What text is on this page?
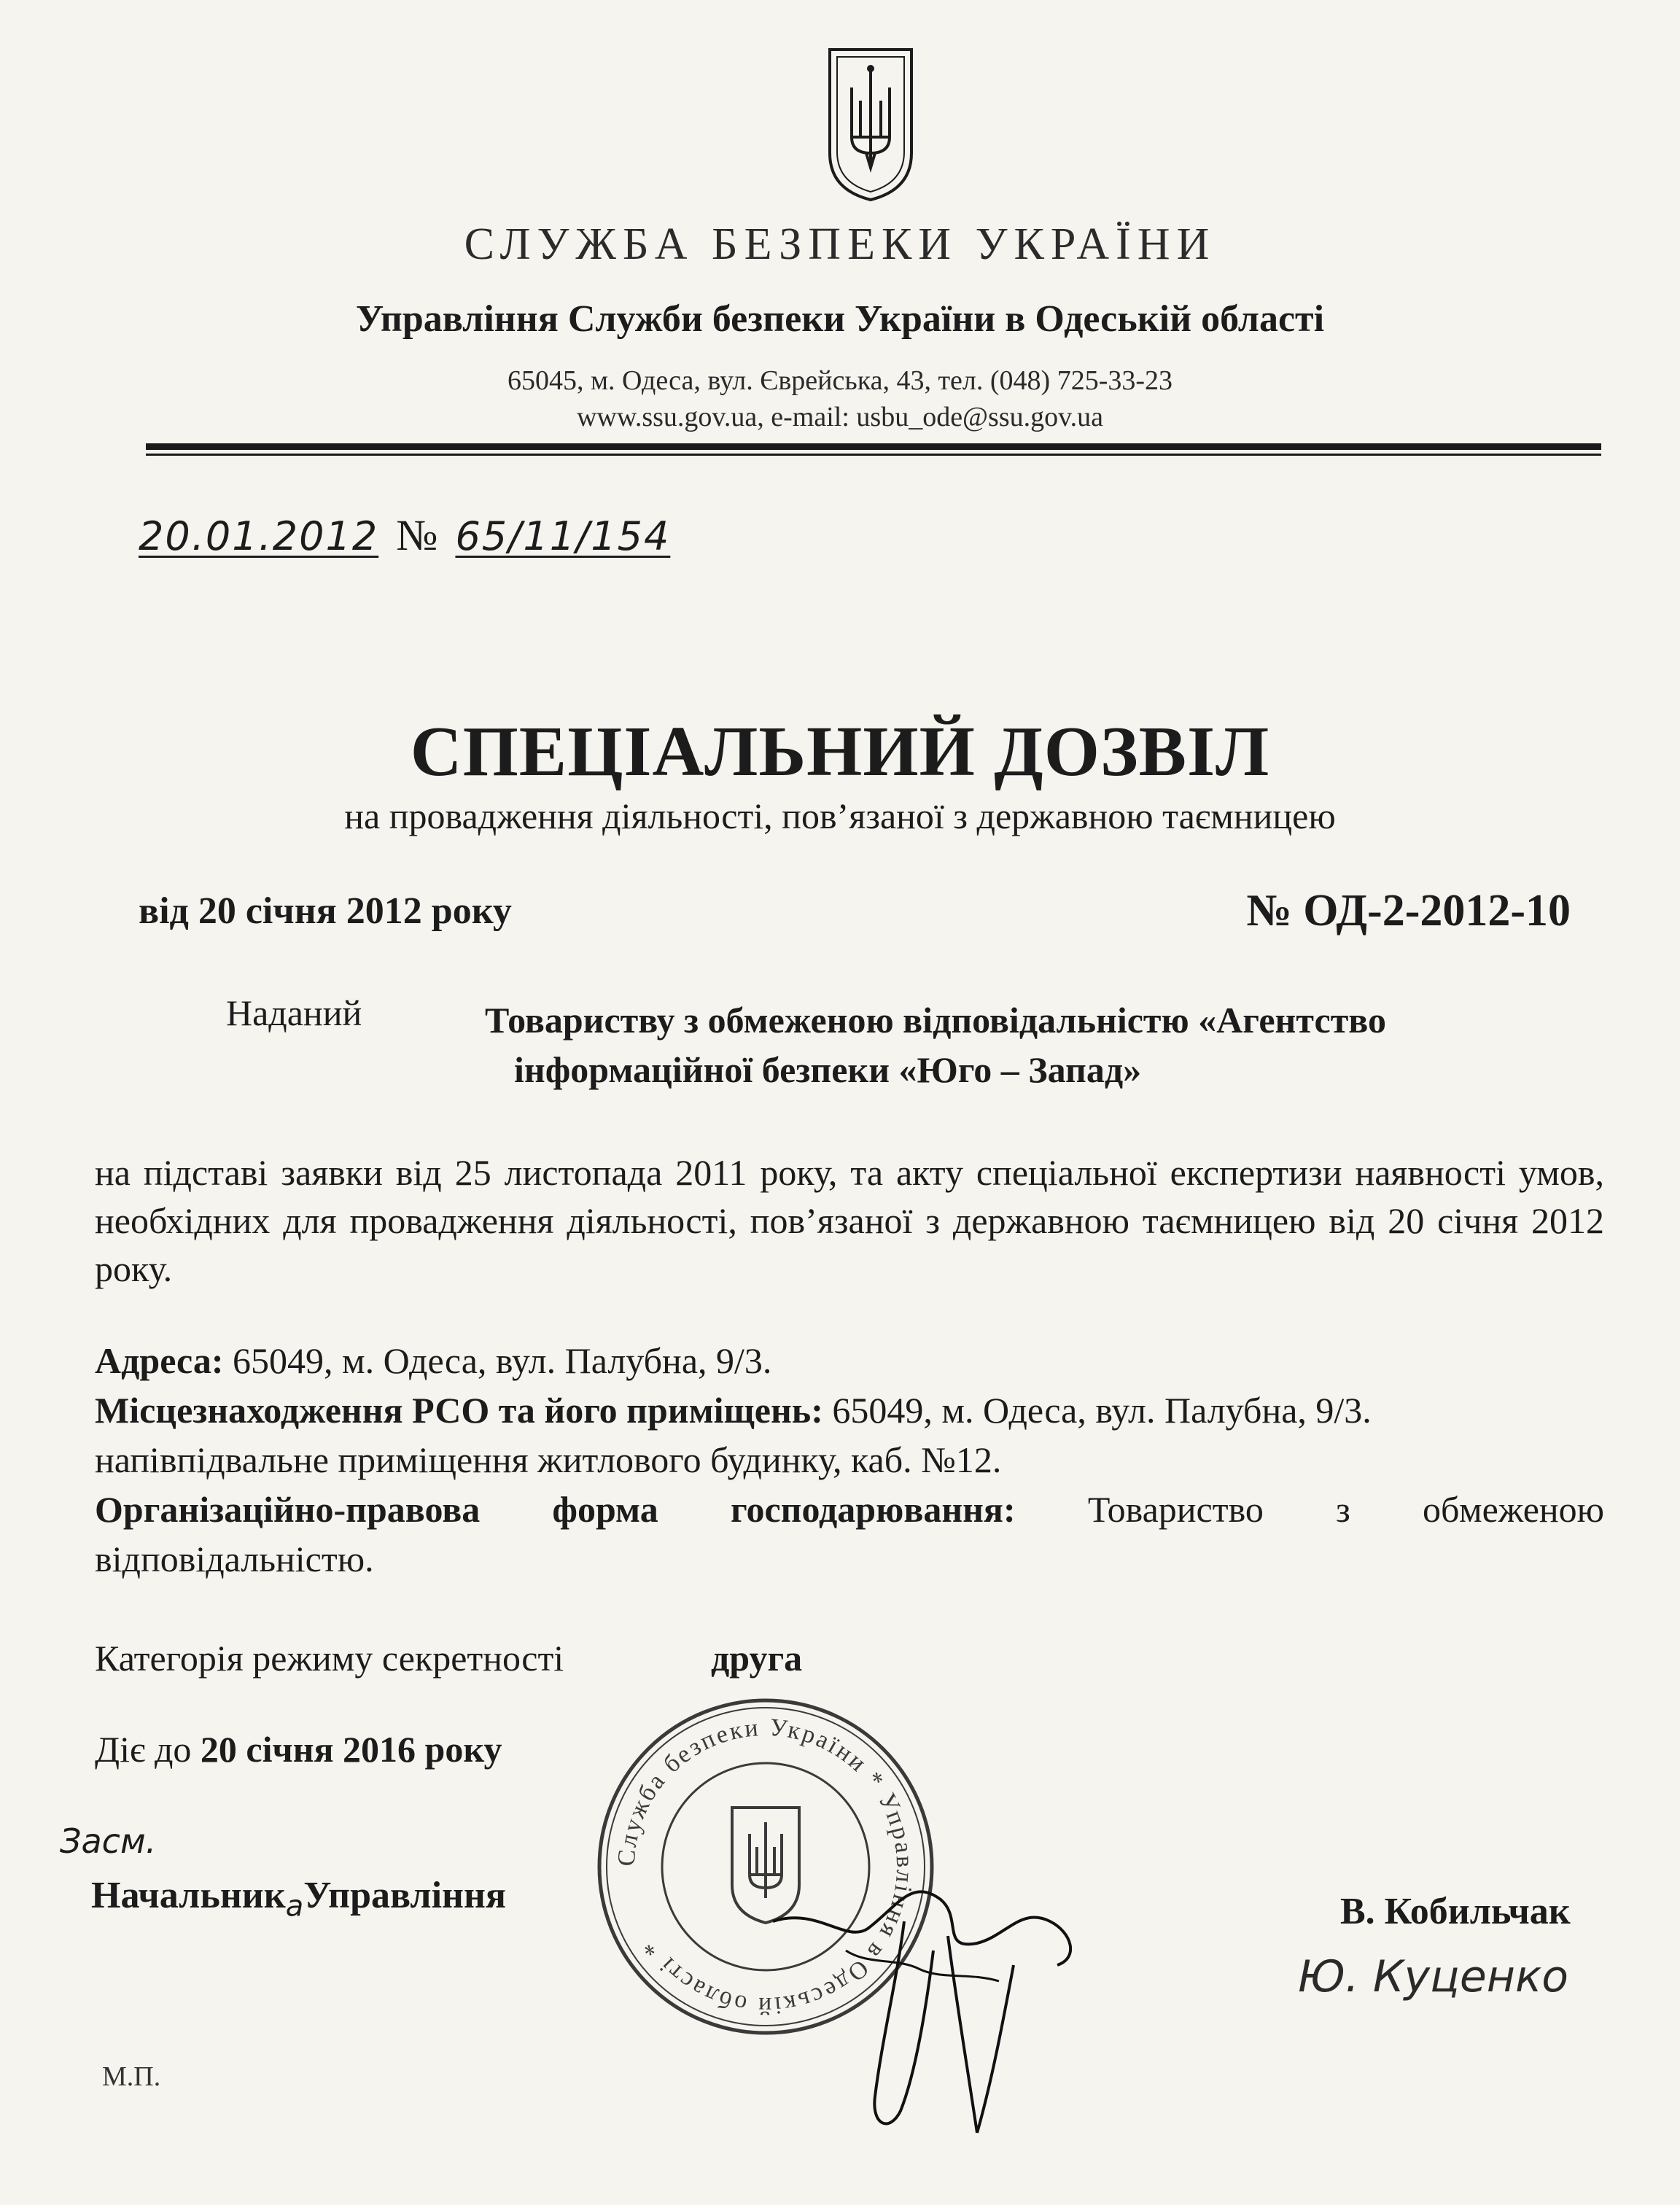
СЛУЖБА БЕЗПЕКИ УКРАЇНИ
Управління Служби безпеки України в Одеській області
65045, м. Одеса, вул. Єврейська, 43, тел. (048) 725-33-23
www.ssu.gov.ua, e-mail: usbu_ode@ssu.gov.ua
20.01.2012 № 65/11/154
СПЕЦІАЛЬНИЙ ДОЗВІЛ
на провадження діяльності, пов’язаної з державною таємницею
від 20 січня 2012 року	№ ОД-2-2012-10
Наданий	Товариству з обмеженою відповідальністю «Агентство
інформаційної безпеки «Юго – Запад»
на підставі заявки від 25 листопада 2011 року, та акту спеціальної експертизи наявності умов, необхідних для провадження діяльності, пов’язаної з державною таємницею від 20 січня 2012 року.
Адреса: 65049, м. Одеса, вул. Палубна, 9/3.
Місцезнаходження РСО та його приміщень: 65049, м. Одеса, вул. Палубна, 9/3.
напівпідвальне приміщення житлового будинку, каб. №12.
Організаційно-правова форма господарювання: Товариство з обмеженою
відповідальністю.
Категорія режиму секретності	друга
Діє до 20 січня 2016 року
Засм.
Начальник$_а$Управління	В. Кобильчак
Ю. Куценко
Служба безпеки України * Управління в Одеській області *
М.П.
